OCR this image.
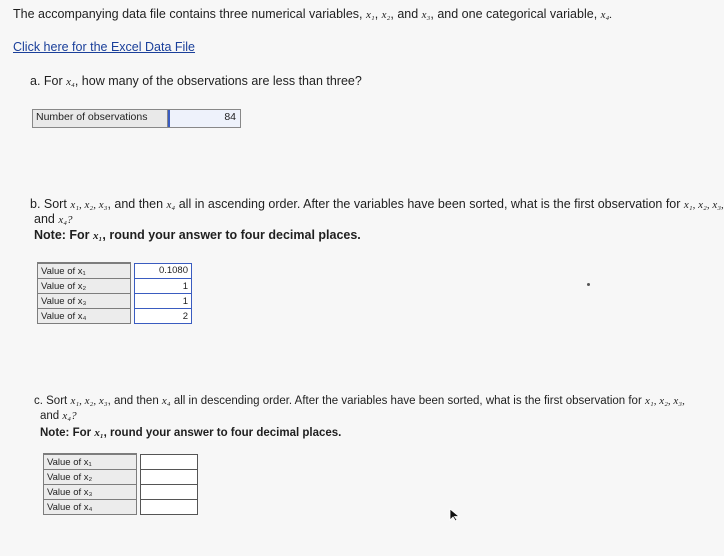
The accompanying data file contains three numerical variables, x₁, x₂, and x₃, and one categorical variable, x₄.
Click here for the Excel Data File
a. For x₄, how many of the observations are less than three?
Number of observations	84
b. Sort x₁, x₂, x₃, and then x₄ all in ascending order. After the variables have been sorted, what is the first observation for x₁, x₂, x₃,
and x₄?
Note: For x₁, round your answer to four decimal places.
Value of x₁		0.1080
Value of x₂		1
Value of x₃		1
Value of x₄		2
c. Sort x₁, x₂, x₃, and then x₄ all in descending order. After the variables have been sorted, what is the first observation for x₁, x₂, x₃,
and x₄?
Note: For x₁, round your answer to four decimal places.
Value of x₁		
Value of x₂		
Value of x₃		
Value of x₄		
